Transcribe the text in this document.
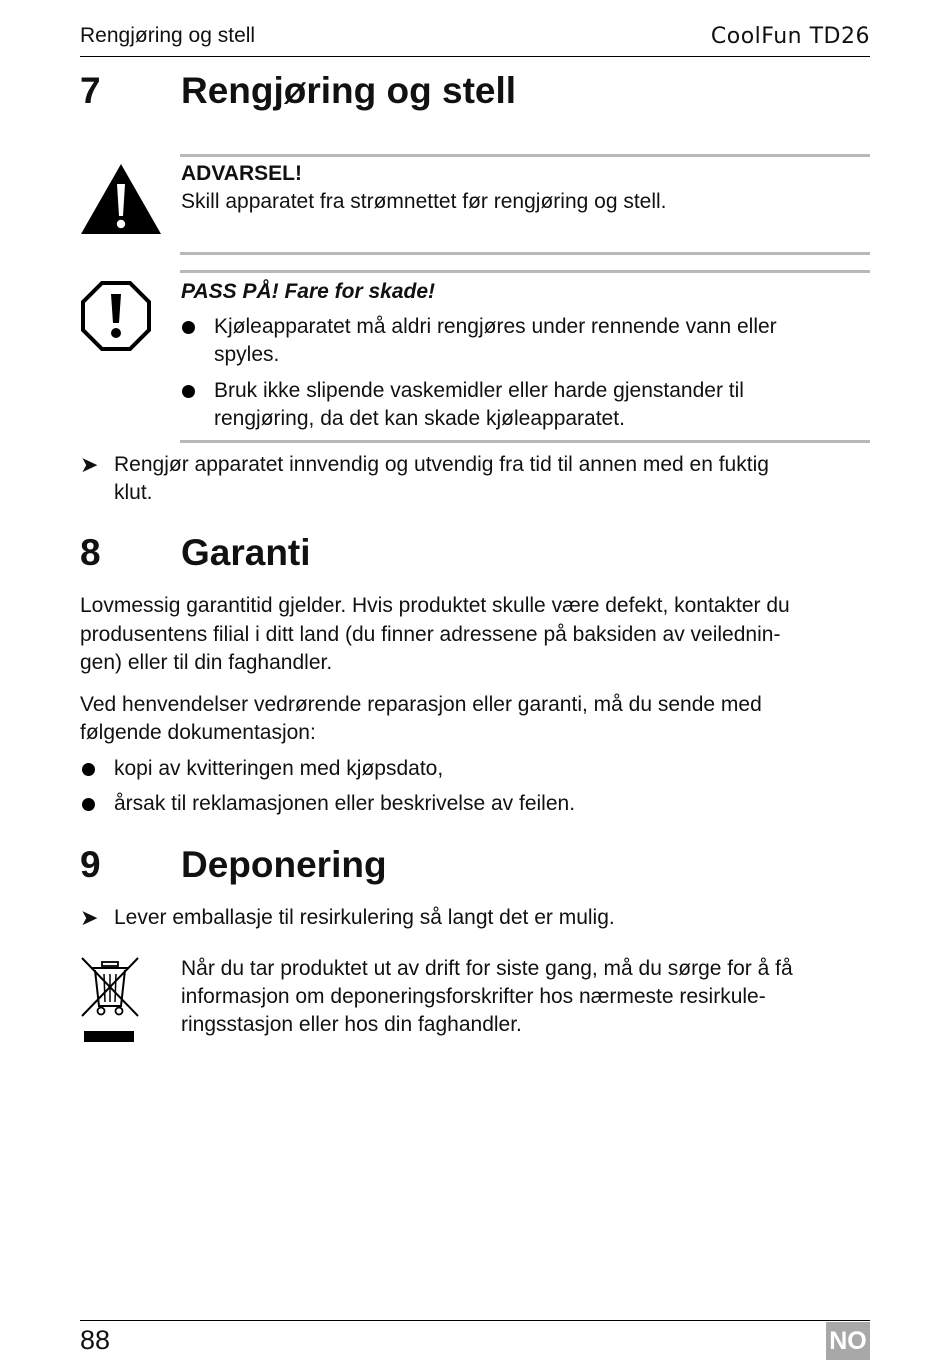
Rengjøring og stell	CoolFun TD26
7 Rengjøring og stell
ADVARSEL!
Skill apparatet fra strømnettet før rengjøring og stell.
PASS PÅ! Fare for skade!
Kjøleapparatet må aldri rengjøres under rennende vann eller
spyles.
Bruk ikke slipende vaskemidler eller harde gjenstander til
rengjøring, da det kan skade kjøleapparatet.
➤ Rengjør apparatet innvendig og utvendig fra tid til annen med en fuktig
klut.
8 Garanti
Lovmessig garantitid gjelder. Hvis produktet skulle være defekt, kontakter du
produsentens filial i ditt land (du finner adressene på baksiden av veilednin-
gen) eller til din faghandler.
Ved henvendelser vedrørende reparasjon eller garanti, må du sende med
følgende dokumentasjon:
kopi av kvitteringen med kjøpsdato,
årsak til reklamasjonen eller beskrivelse av feilen.
9 Deponering
➤ Lever emballasje til resirkulering så langt det er mulig.
Når du tar produktet ut av drift for siste gang, må du sørge for å få
informasjon om deponeringsforskrifter hos nærmeste resirkule-
ringsstasjon eller hos din faghandler.
88	NO
